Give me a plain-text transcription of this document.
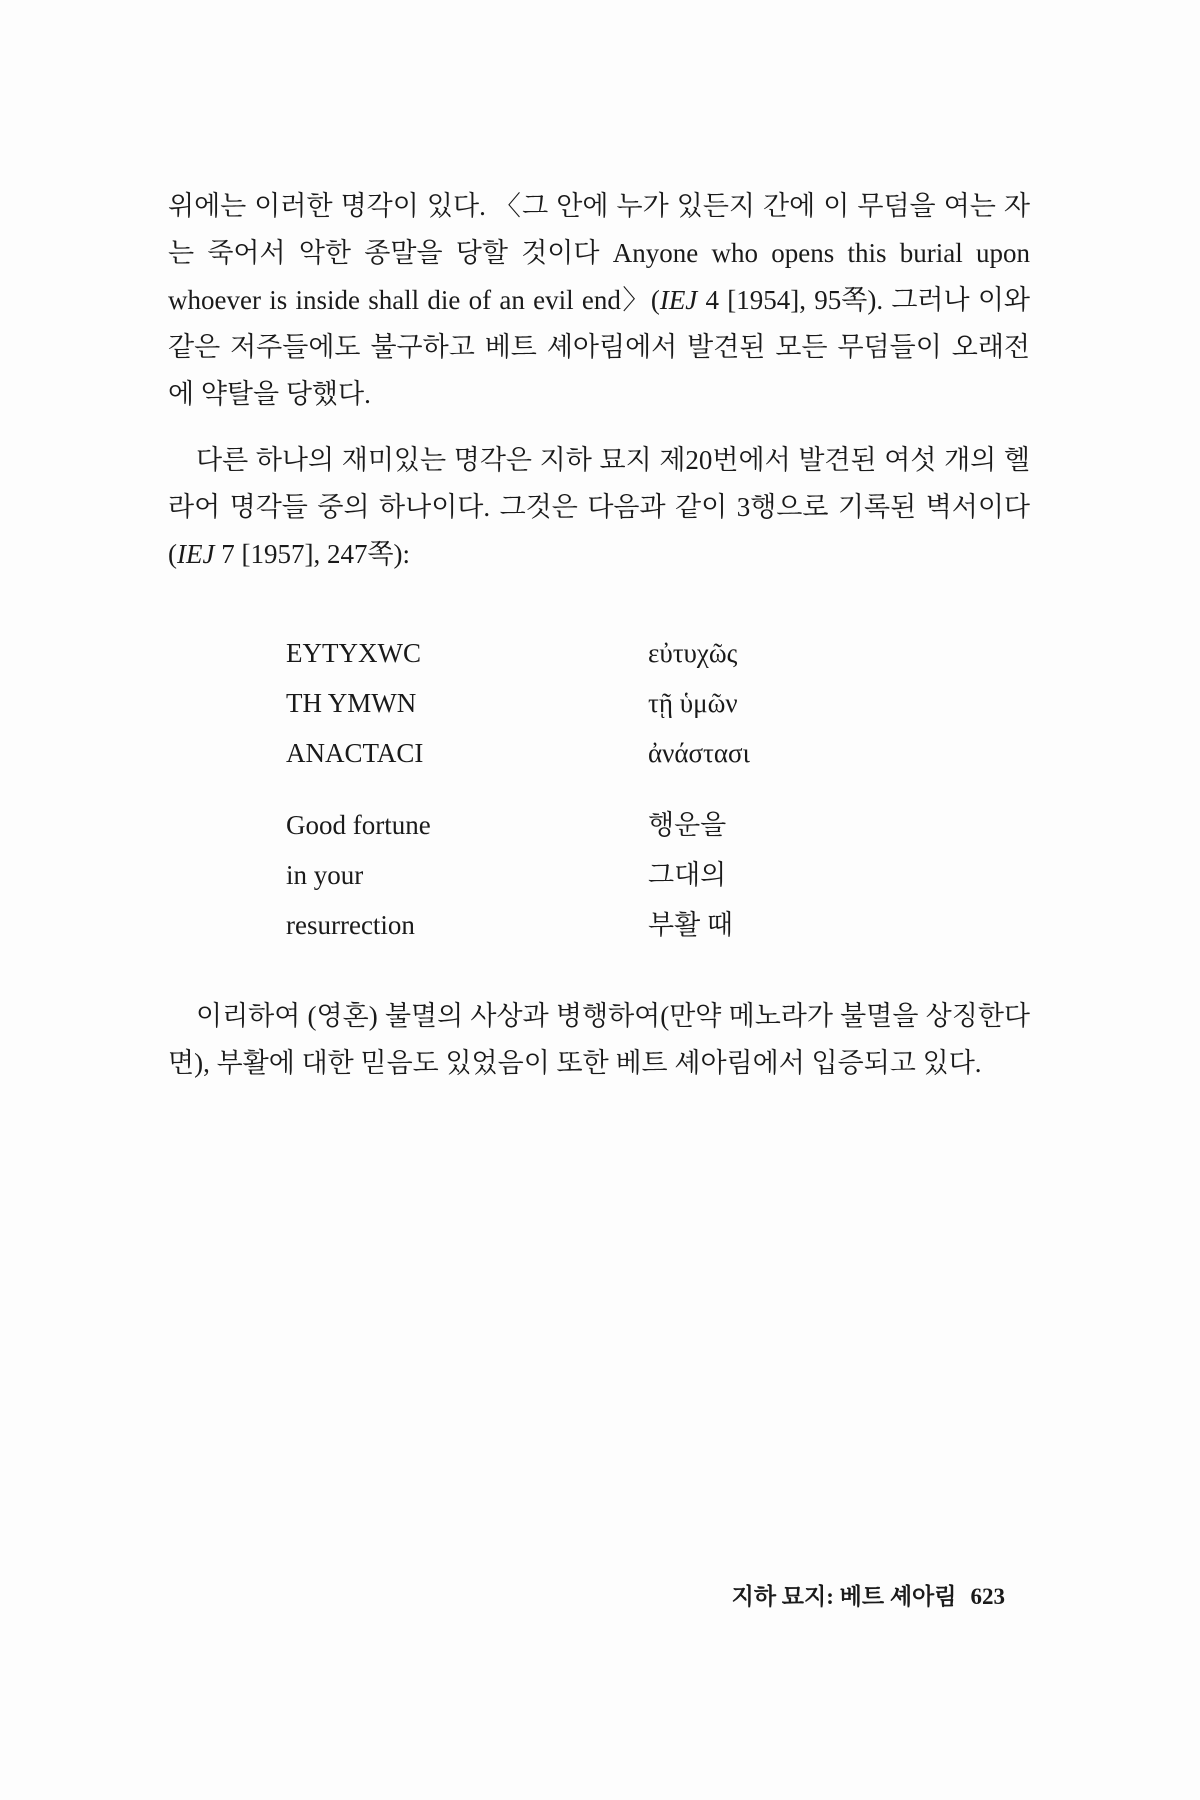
위에는 이러한 명각이 있다. 〈그 안에 누가 있든지 간에 이 무덤을 여는 자는 죽어서 악한 종말을 당할 것이다 Anyone who opens this burial upon whoever is inside shall die of an evil end〉(IEJ 4 [1954], 95쪽). 그러나 이와 같은 저주들에도 불구하고 베트 셰아림에서 발견된 모든 무덤들이 오래전에 약탈을 당했다.

다른 하나의 재미있는 명각은 지하 묘지 제20번에서 발견된 여섯 개의 헬라어 명각들 중의 하나이다. 그것은 다음과 같이 3행으로 기록된 벽서이다(IEJ 7 [1957], 247쪽):

EYTYXWC	εὐτυχῶς
TH YMWN	τῇ ὑμῶν
ANACTACI	ἀνάστασι
Good fortune	행운을
in your	그대의
resurrection	부활 때

이리하여 (영혼) 불멸의 사상과 병행하여(만약 메노라가 불멸을 상징한다면), 부활에 대한 믿음도 있었음이 또한 베트 셰아림에서 입증되고 있다.

지하 묘지: 베트 셰아림 623
